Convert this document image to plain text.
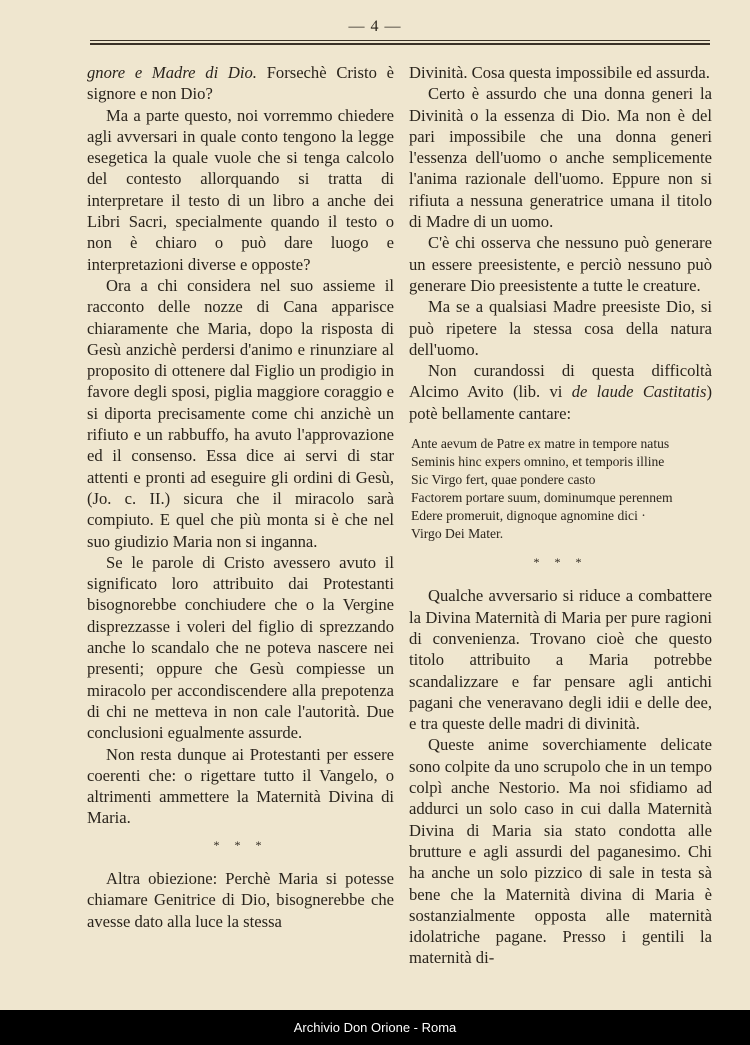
— 4 —

gnore e Madre di Dio. Forsechè Cristo è signore e non Dio?

Ma a parte questo, noi vorremmo chiedere agli avversari in quale conto tengono la legge esegetica la quale vuole che si tenga calcolo del contesto allorquando si tratta di interpretare il testo di un libro a anche dei Libri Sacri, specialmente quando il testo o non è chiaro o può dare luogo e interpretazioni diverse e opposte?

Ora a chi considera nel suo assieme il racconto delle nozze di Cana apparisce chiaramente che Maria, dopo la risposta di Gesù anzichè perdersi d'animo e rinunziare al proposito di ottenere dal Figlio un prodigio in favore degli sposi, piglia maggiore coraggio e si diporta precisamente come chi anzichè un rifiuto e un rabbuffo, ha avuto l'approvazione ed il consenso. Essa dice ai servi di star attenti e pronti ad eseguire gli ordini di Gesù, (Jo. c. II.) sicura che il miracolo sarà compiuto. E quel che più monta si è che nel suo giudizio Maria non si inganna.

Se le parole di Cristo avessero avuto il significato loro attribuito dai Protestanti bisognorebbe conchiudere che o la Vergine disprezzasse i voleri del figlio di sprezzando anche lo scandalo che ne poteva nascere nei presenti; oppure che Gesù compiesse un miracolo per accondiscendere alla prepotenza di chi ne metteva in non cale l'autorità. Due conclusioni egualmente assurde.

Non resta dunque ai Protestanti per essere coerenti che: o rigettare tutto il Vangelo, o altrimenti ammettere la Maternità Divina di Maria.

* * *

Altra obiezione: Perchè Maria si potesse chiamare Genitrice di Dio, bisognerebbe che avesse dato alla luce la stessa

Divinità. Cosa questa impossibile ed assurda.

Certo è assurdo che una donna generi la Divinità o la essenza di Dio. Ma non è del pari impossibile che una donna generi l'essenza dell'uomo o anche semplicemente l'anima razionale dell'uomo. Eppure non si rifiuta a nessuna generatrice umana il titolo di Madre di un uomo.

C'è chi osserva che nessuno può generare un essere preesistente, e perciò nessuno può generare Dio preesistente a tutte le creature.

Ma se a qualsiasi Madre preesiste Dio, si può ripetere la stessa cosa della natura dell'uomo.

Non curandossi di questa difficoltà Alcimo Avito (lib. vi de laude Castitatis) potè bellamente cantare:

Ante aevum de Patre ex matre in tempore natus
Seminis hinc expers omnino, et temporis illine
Sic Virgo fert, quae pondere casto
Factorem portare suum, dominumque perennem
Edere promeruit, dignoque agnomine dici ·
Virgo Dei Mater.
* * *

Qualche avversario si riduce a combattere la Divina Maternità di Maria per pure ragioni di convenienza. Trovano cioè che questo titolo attribuito a Maria potrebbe scandalizzare e far pensare agli antichi pagani che veneravano degli idii e delle dee, e tra queste delle madri di divinità.

Queste anime soverchiamente delicate sono colpite da uno scrupolo che in un tempo colpì anche Nestorio. Ma noi sfidiamo ad addurci un solo caso in cui dalla Maternità Divina di Maria sia stato condotta alle brutture e agli assurdi del paganesimo. Chi ha anche un solo pizzico di sale in testa sà bene che la Maternità divina di Maria è sostanzialmente opposta alle maternità idolatriche pagane. Presso i gentili la maternità di-

Archivio Don Orione - Roma
